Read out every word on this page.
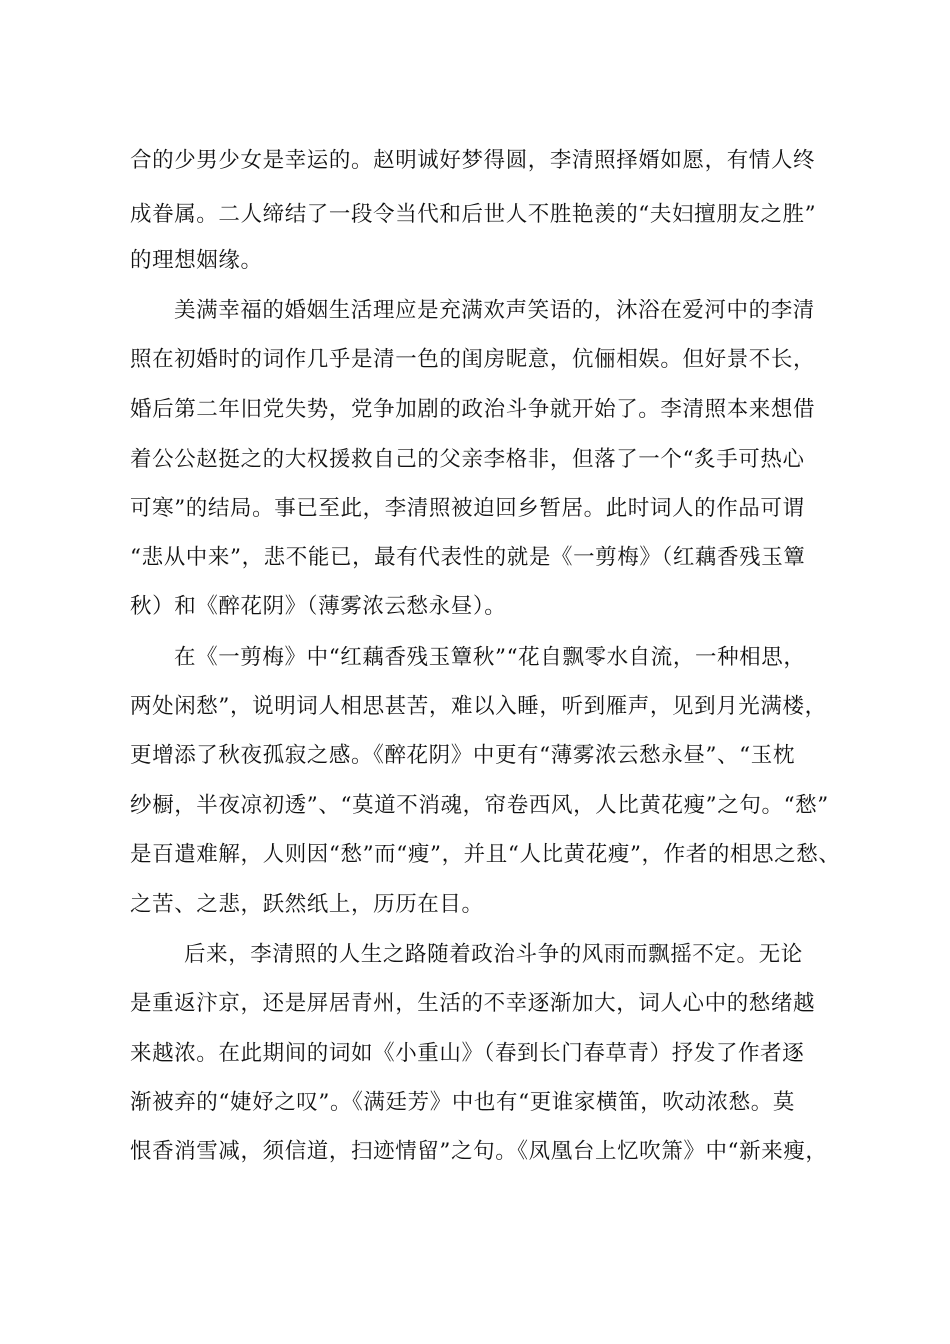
合的少男少女是幸运的。赵明诚好梦得圆，李清照择婿如愿，有情人终
成眷属。二人缔结了一段令当代和后世人不胜艳羡的“夫妇擅朋友之胜”
的理想姻缘。
美满幸福的婚姻生活理应是充满欢声笑语的，沐浴在爱河中的李清
照在初婚时的词作几乎是清一色的闺房昵意，伉俪相娱。但好景不长，
婚后第二年旧党失势，党争加剧的政治斗争就开始了。李清照本来想借
着公公赵挺之的大权援救自己的父亲李格非，但落了一个“炙手可热心
可寒”的结局。事已至此，李清照被迫回乡暂居。此时词人的作品可谓
“悲从中来”，悲不能已，最有代表性的就是《一剪梅》（红藕香残玉簟
秋）和《醉花阴》（薄雾浓云愁永昼）。
在《一剪梅》中“红藕香残玉簟秋”“花自飘零水自流，一种相思，
两处闲愁”，说明词人相思甚苦，难以入睡，听到雁声，见到月光满楼，
更增添了秋夜孤寂之感。《醉花阴》中更有“薄雾浓云愁永昼”、“玉枕
纱橱，半夜凉初透”、“莫道不消魂，帘卷西风，人比黄花瘦”之句。“愁”
是百遣难解，人则因“愁”而“瘦”，并且“人比黄花瘦”，作者的相思之愁、
之苦、之悲，跃然纸上，历历在目。
后来，李清照的人生之路随着政治斗争的风雨而飘摇不定。无论
是重返汴京，还是屏居青州，生活的不幸逐渐加大，词人心中的愁绪越
来越浓。在此期间的词如《小重山》（春到长门春草青）抒发了作者逐
渐被弃的“婕妤之叹”。《满廷芳》中也有“更谁家横笛，吹动浓愁。莫
恨香消雪减，须信道，扫迹情留”之句。《凤凰台上忆吹箫》中“新来瘦，
